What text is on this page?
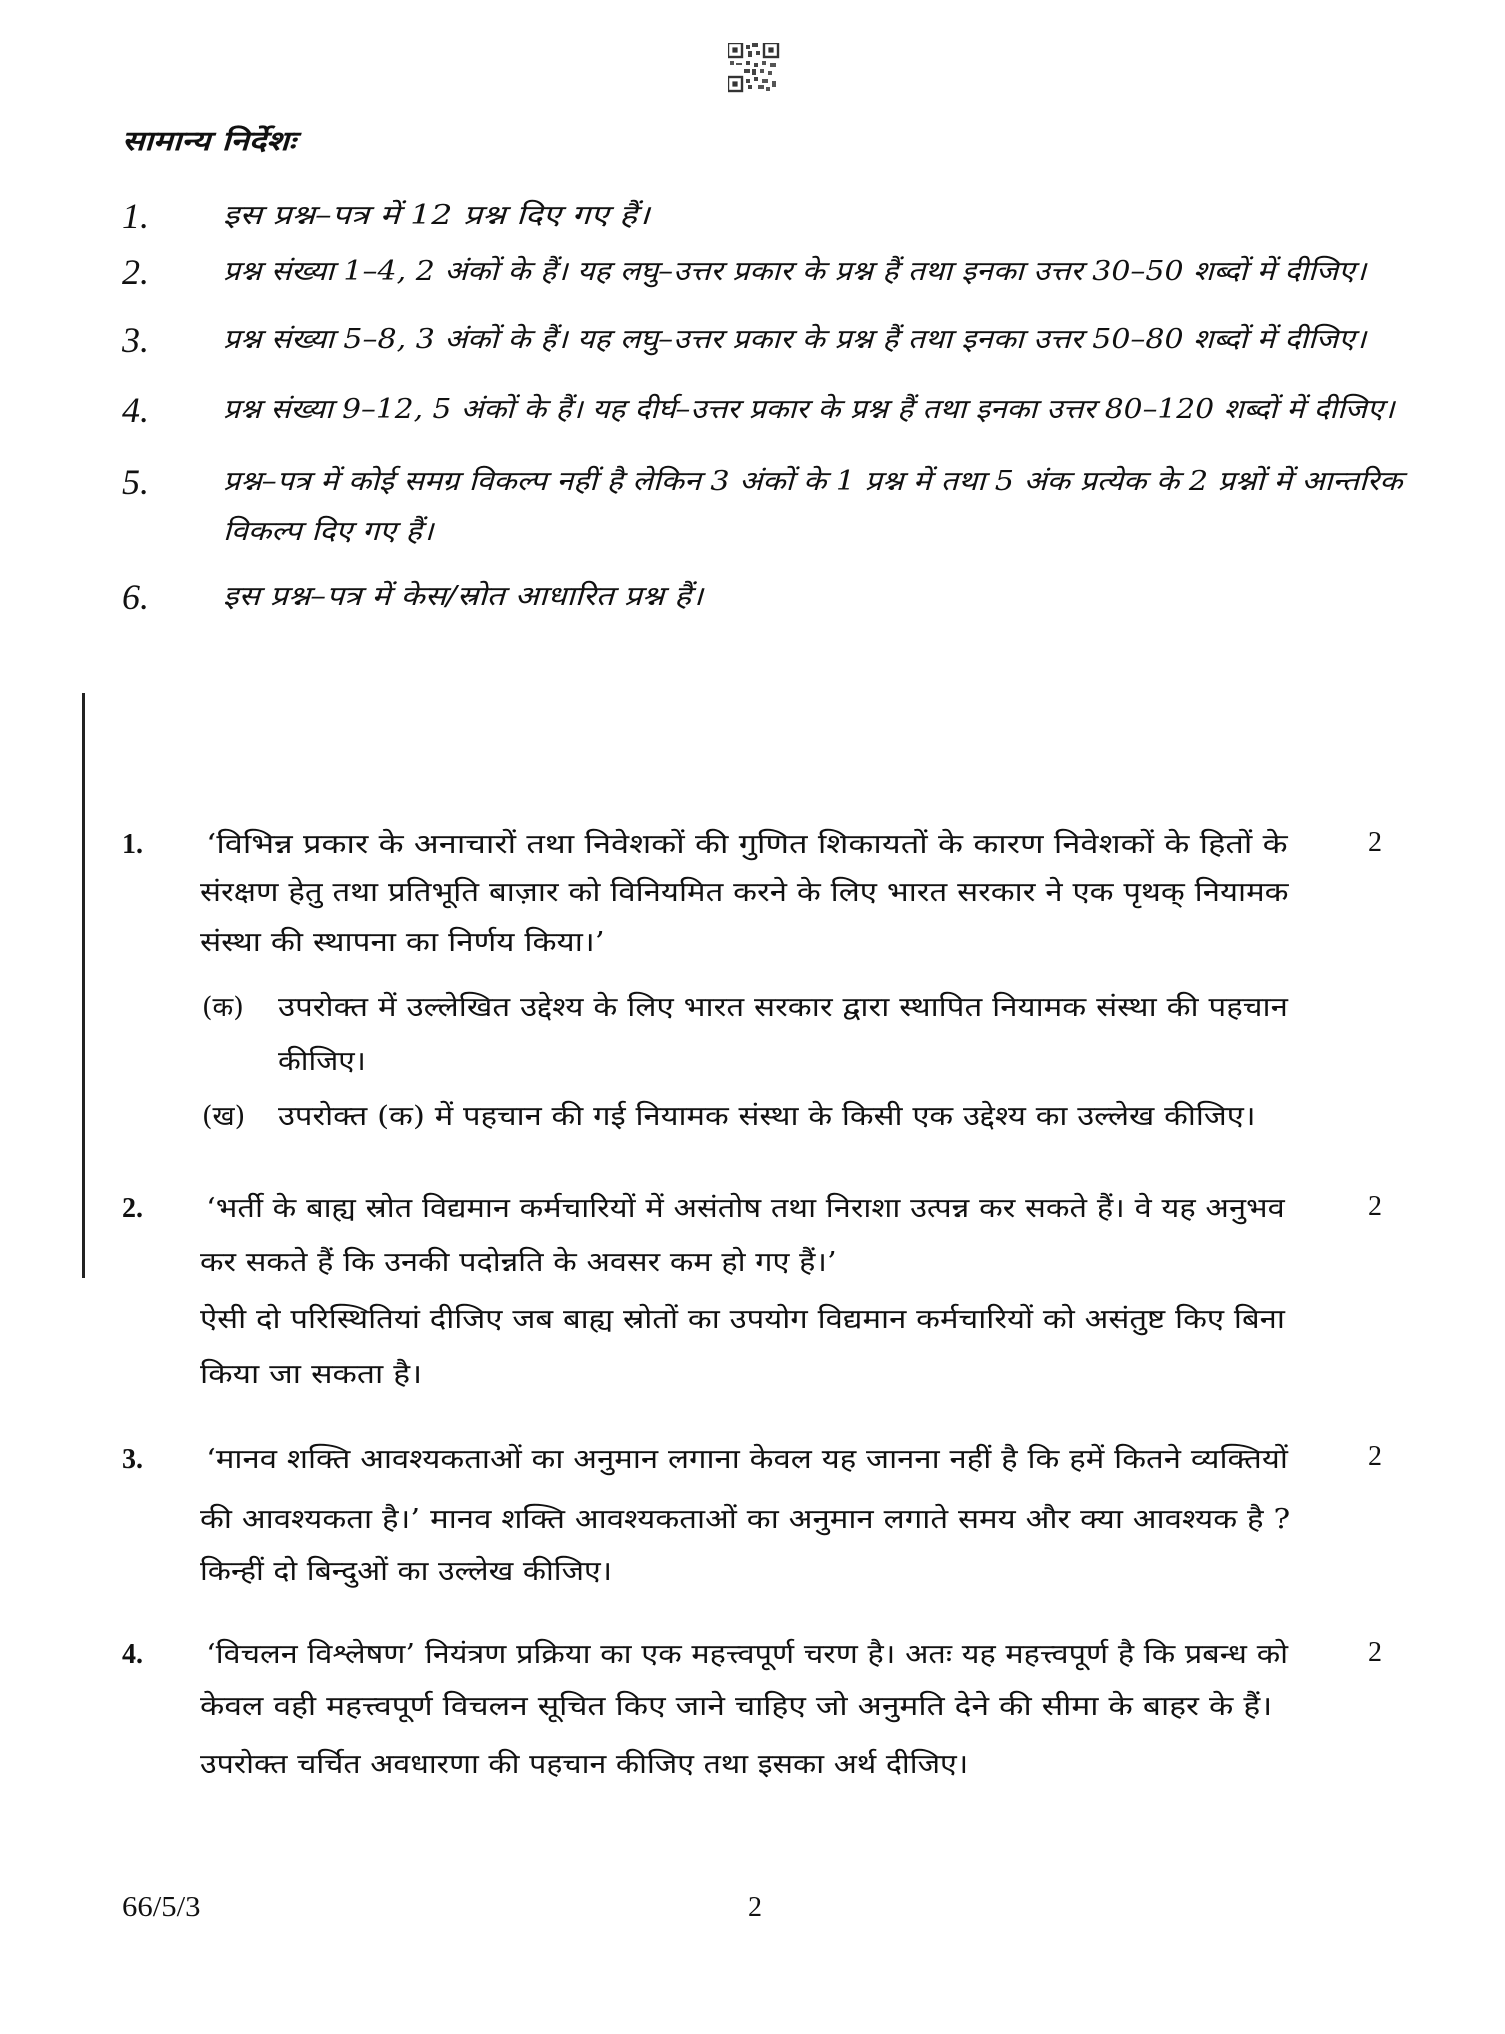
सामान्य निर्देशः
1.	इस प्रश्न–पत्र में 12 प्रश्न दिए गए हैं।
2.	प्रश्न संख्या 1–4, 2 अंकों के हैं। यह लघु–उत्तर प्रकार के प्रश्न हैं तथा इनका उत्तर 30–50 शब्दों में दीजिए।
3.	प्रश्न संख्या 5–8, 3 अंकों के हैं। यह लघु–उत्तर प्रकार के प्रश्न हैं तथा इनका उत्तर 50–80 शब्दों में दीजिए।
4.	प्रश्न संख्या 9–12, 5 अंकों के हैं। यह दीर्घ–उत्तर प्रकार के प्रश्न हैं तथा इनका उत्तर 80–120 शब्दों में दीजिए।
5.	प्रश्न–पत्र में कोई समग्र विकल्प नहीं है लेकिन 3 अंकों के 1 प्रश्न में तथा 5 अंक प्रत्येक के 2 प्रश्नों में आन्तरिक
विकल्प दिए गए हैं।
6.	इस प्रश्न–पत्र में केस/स्रोत आधारित प्रश्न हैं।
1. ‘विभिन्न प्रकार के अनाचारों तथा निवेशकों की गुणित शिकायतों के कारण निवेशकों के हितों के	2
संरक्षण हेतु तथा प्रतिभूति बाज़ार को विनियमित करने के लिए भारत सरकार ने एक पृथक् नियामक
संस्था की स्थापना का निर्णय किया।’
(क) उपरोक्त में उल्लेखित उद्देश्य के लिए भारत सरकार द्वारा स्थापित नियामक संस्था की पहचान
कीजिए।
(ख) उपरोक्त (क) में पहचान की गई नियामक संस्था के किसी एक उद्देश्य का उल्लेख कीजिए।
2. ‘भर्ती के बाह्य स्रोत विद्यमान कर्मचारियों में असंतोष तथा निराशा उत्पन्न कर सकते हैं। वे यह अनुभव	2
कर सकते हैं कि उनकी पदोन्नति के अवसर कम हो गए हैं।’
ऐसी दो परिस्थितियां दीजिए जब बाह्य स्रोतों का उपयोग विद्यमान कर्मचारियों को असंतुष्ट किए बिना
किया जा सकता है।
3. ‘मानव शक्ति आवश्यकताओं का अनुमान लगाना केवल यह जानना नहीं है कि हमें कितने व्यक्तियों	2
की आवश्यकता है।’ मानव शक्ति आवश्यकताओं का अनुमान लगाते समय और क्या आवश्यक है ?
किन्हीं दो बिन्दुओं का उल्लेख कीजिए।
4. ‘विचलन विश्लेषण’ नियंत्रण प्रक्रिया का एक महत्त्वपूर्ण चरण है। अतः यह महत्त्वपूर्ण है कि प्रबन्ध को	2
केवल वही महत्त्वपूर्ण विचलन सूचित किए जाने चाहिए जो अनुमति देने की सीमा के बाहर के हैं।
उपरोक्त चर्चित अवधारणा की पहचान कीजिए तथा इसका अर्थ दीजिए।
66/5/3	2
